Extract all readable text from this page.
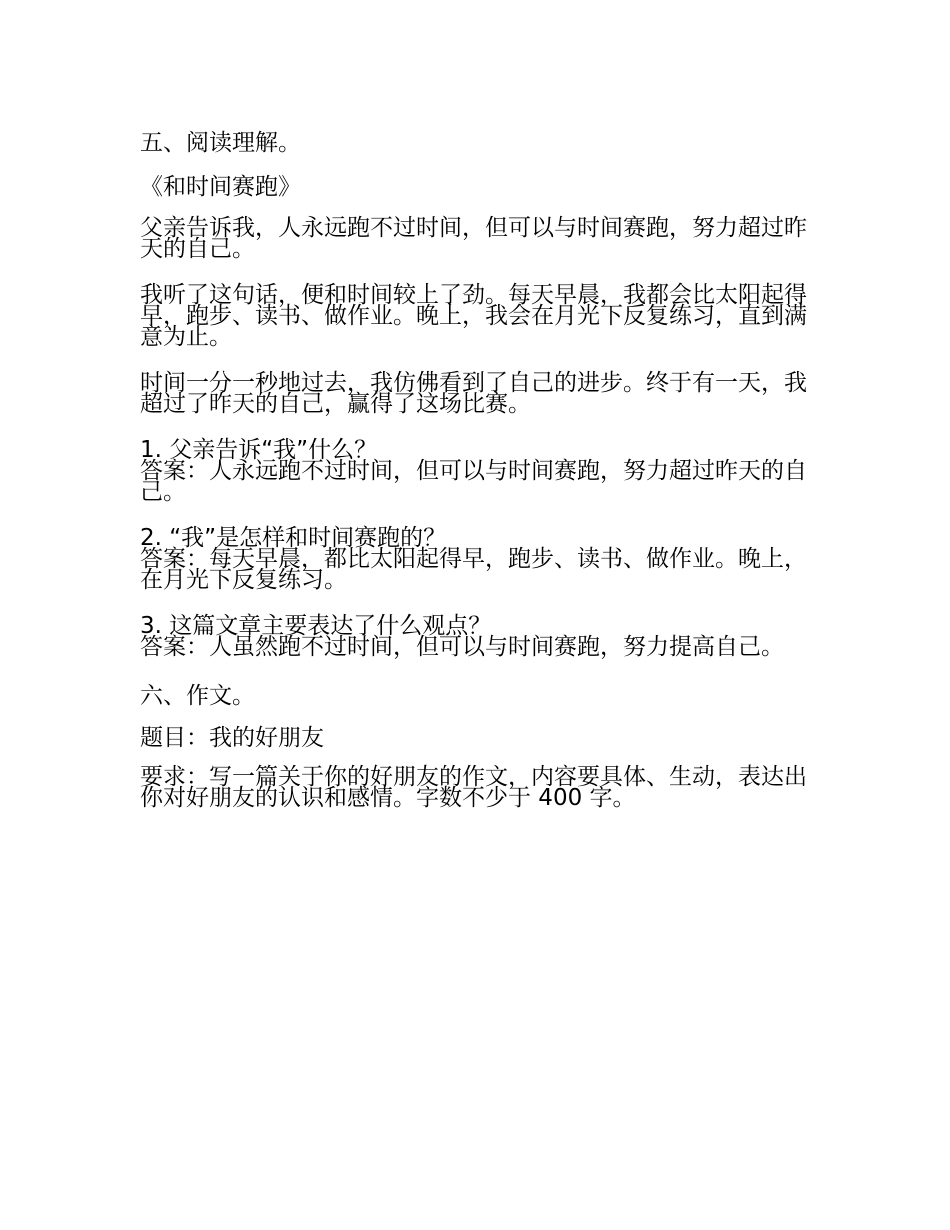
五、阅读理解。
《和时间赛跑》

父亲告诉我，人永远跑不过时间，但可以与时间赛跑，努力超过昨天的自己。

我听了这句话，便和时间较上了劲。每天早晨，我都会比太阳起得早，跑步、读书、做作业。晚上，我会在月光下反复练习，直到满意为止。

时间一分一秒地过去，我仿佛看到了自己的进步。终于有一天，我超过了昨天的自己，赢得了这场比赛。

1. 父亲告诉“我”什么？
答案：人永远跑不过时间，但可以与时间赛跑，努力超过昨天的自己。
2. “我”是怎样和时间赛跑的？
答案：每天早晨，都比太阳起得早，跑步、读书、做作业。晚上，在月光下反复练习。
3. 这篇文章主要表达了什么观点？
答案：人虽然跑不过时间，但可以与时间赛跑，努力提高自己。
六、作文。
题目：我的好朋友

要求：写一篇关于你的好朋友的作文，内容要具体、生动，表达出你对好朋友的认识和感情。字数不少于 400 字。
